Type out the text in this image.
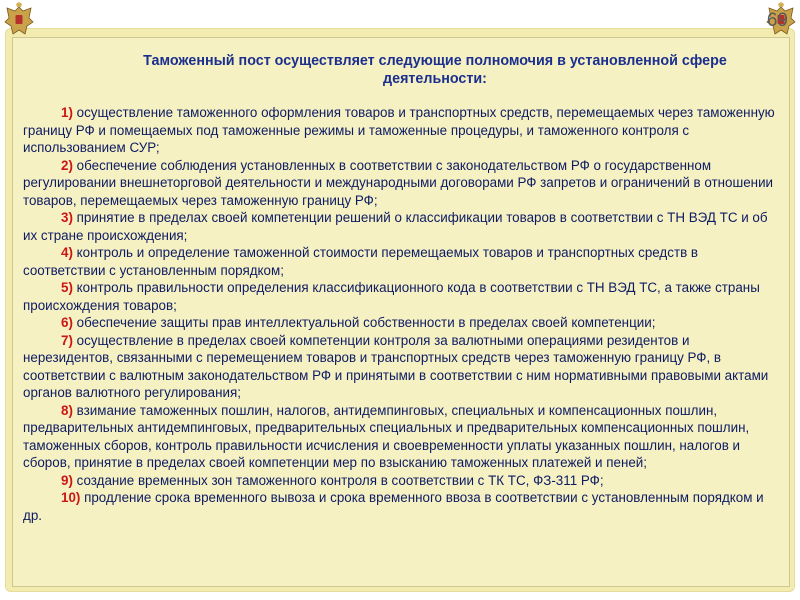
69
Таможенный пост осуществляет следующие полномочия в установленной сфере деятельности:

1) осуществление таможенного оформления товаров и транспортных средств, перемещаемых через таможенную границу РФ и помещаемых под таможенные режимы и таможенные процедуры, и таможенного контроля с использованием СУР;

2) обеспечение соблюдения установленных в соответствии с законодательством РФ о государственном регулировании внешнеторговой деятельности и международными договорами РФ запретов и ограничений в отношении товаров, перемещаемых через таможенную границу РФ;

3) принятие в пределах своей компетенции решений о классификации товаров в соответствии с ТН ВЭД ТС и об их стране происхождения;

4) контроль и определение таможенной стоимости перемещаемых товаров и транспортных средств в соответствии с установленным порядком;

5) контроль правильности определения классификационного кода в соответствии с ТН ВЭД ТС, а также страны происхождения товаров;

6) обеспечение защиты прав интеллектуальной собственности в пределах своей компетенции;

7) осуществление в пределах своей компетенции контроля за валютными операциями резидентов и нерезидентов, связанными с перемещением товаров и транспортных средств через таможенную границу РФ, в соответствии с валютным законодательством РФ и принятыми в соответствии с ним нормативными правовыми актами органов валютного регулирования;

8) взимание таможенных пошлин, налогов, антидемпинговых, специальных и компенсационных пошлин, предварительных антидемпинговых, предварительных специальных и предварительных компенсационных пошлин, таможенных сборов, контроль правильности исчисления и своевременности уплаты указанных пошлин, налогов и сборов, принятие в пределах своей компетенции мер по взысканию таможенных платежей и пеней;

9) создание временных зон таможенного контроля в соответствии с ТК ТС, ФЗ-311 РФ;

10) продление срока временного вывоза и срока временного ввоза в соответствии с установленным порядком и др.
